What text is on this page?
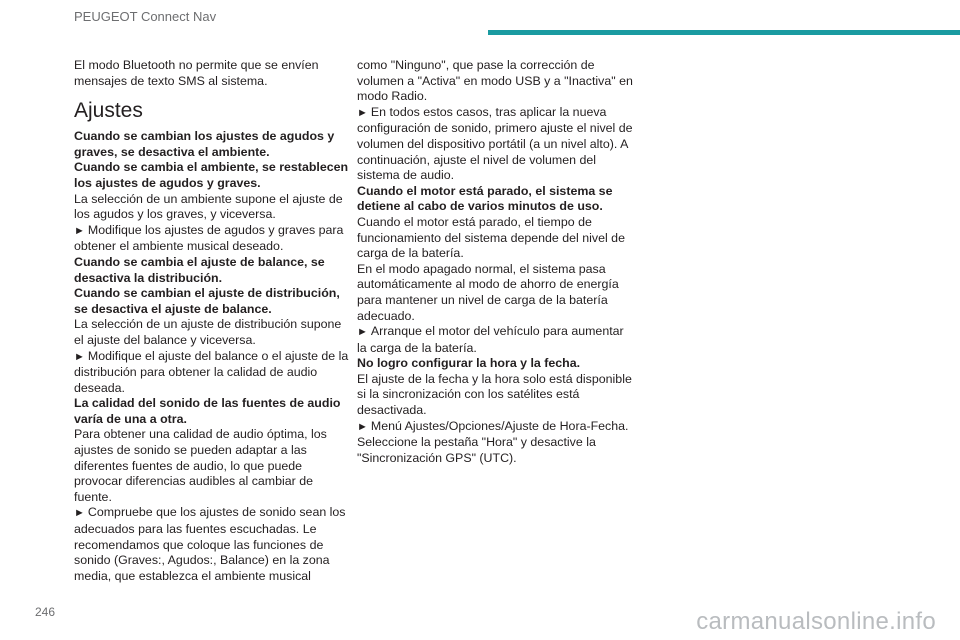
PEUGEOT Connect Nav

El modo Bluetooth no permite que se envíen mensajes de texto SMS al sistema.

Ajustes

Cuando se cambian los ajustes de agudos y graves, se desactiva el ambiente.

Cuando se cambia el ambiente, se restablecen los ajustes de agudos y graves.

La selección de un ambiente supone el ajuste de los agudos y los graves, y viceversa.

► Modifique los ajustes de agudos y graves para obtener el ambiente musical deseado.

Cuando se cambia el ajuste de balance, se desactiva la distribución.

Cuando se cambian el ajuste de distribución, se desactiva el ajuste de balance.

La selección de un ajuste de distribución supone el ajuste del balance y viceversa.

► Modifique el ajuste del balance o el ajuste de la distribución para obtener la calidad de audio deseada.

La calidad del sonido de las fuentes de audio varía de una a otra.

Para obtener una calidad de audio óptima, los ajustes de sonido se pueden adaptar a las diferentes fuentes de audio, lo que puede provocar diferencias audibles al cambiar de fuente.

► Compruebe que los ajustes de sonido sean los adecuados para las fuentes escuchadas. Le recomendamos que coloque las funciones de sonido (Graves:, Agudos:, Balance) en la zona media, que establezca el ambiente musical

como "Ninguno", que pase la corrección de volumen a "Activa" en modo USB y a "Inactiva" en modo Radio.

► En todos estos casos, tras aplicar la nueva configuración de sonido, primero ajuste el nivel de volumen del dispositivo portátil (a un nivel alto). A continuación, ajuste el nivel de volumen del sistema de audio.

Cuando el motor está parado, el sistema se detiene al cabo de varios minutos de uso.

Cuando el motor está parado, el tiempo de funcionamiento del sistema depende del nivel de carga de la batería.

En el modo apagado normal, el sistema pasa automáticamente al modo de ahorro de energía para mantener un nivel de carga de la batería adecuado.

► Arranque el motor del vehículo para aumentar la carga de la batería.

No logro configurar la hora y la fecha.

El ajuste de la fecha y la hora solo está disponible si la sincronización con los satélites está desactivada.

► Menú Ajustes/Opciones/Ajuste de Hora-Fecha. Seleccione la pestaña "Hora" y desactive la "Sincronización GPS" (UTC).

246	carmanualsonline.info
